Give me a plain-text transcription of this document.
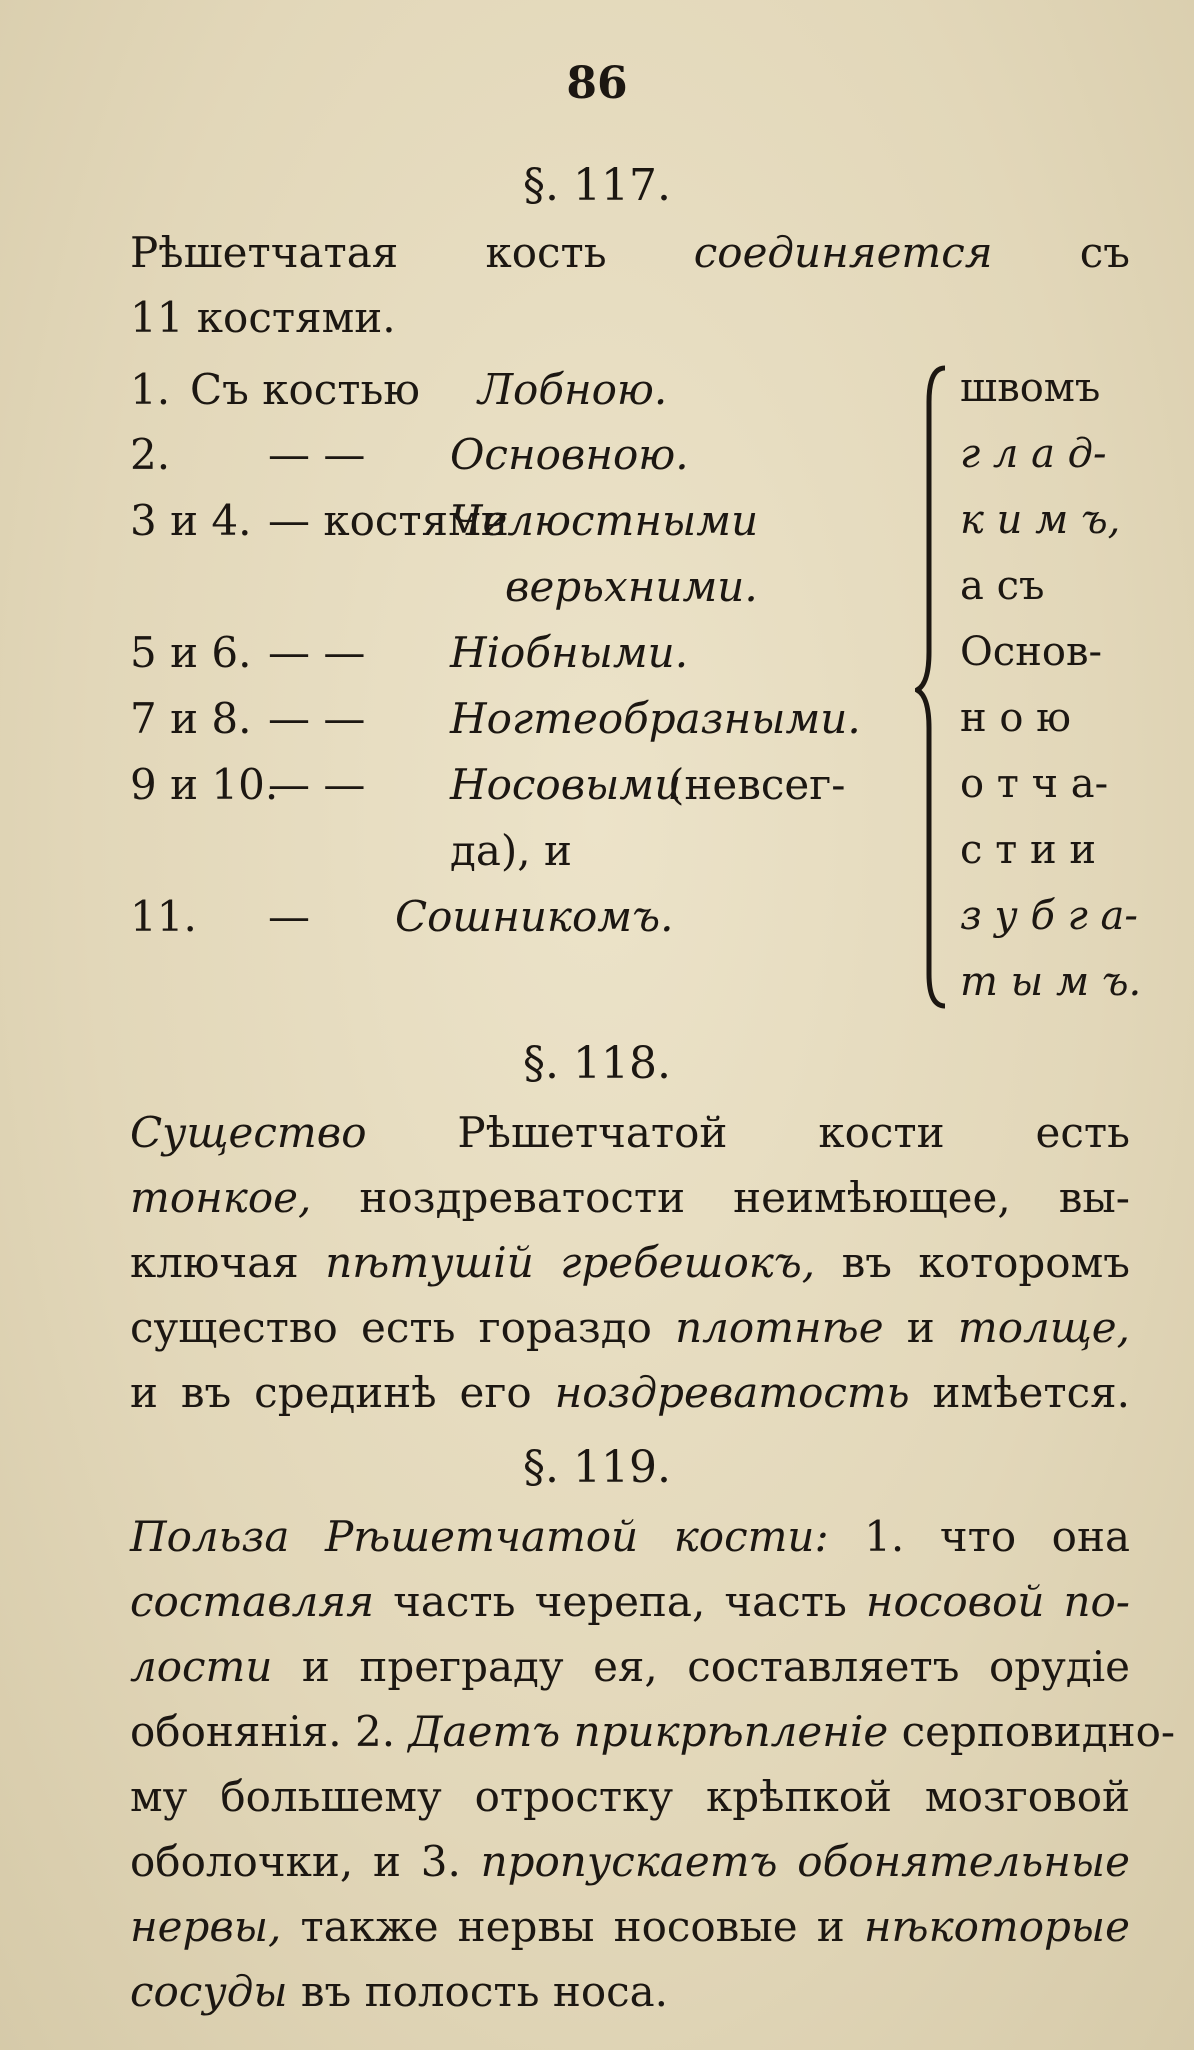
86
§. 117.
Рѣшетчатая кость соединяется съ
11 костями.
1. Съ костью Лобною.
2. — — Основною.
3 и 4. — костями
Челюстными
верьхними.
5 и 6. — — Нiобными.
7 и 8. — — Ногтеобразными.
9 и 10.
— — Носовыми
(невсег-
да), и
11. — Сошникомъ.
швомъ
г л а д-
к и м ъ,
а съ
Основ-
н о ю
о т ч а-
с т и и
з у б г а-
т ы м ъ.
§. 118.
Существо Рѣшетчатой кости есть
тонкое, ноздреватости неимѣющее, вы-
ключая пѣтушiй гребешокъ, въ которомъ
существо есть гораздо плотнѣе и толще,
и въ срединѣ его ноздреватость имѣется.
§. 119.
Польза Рѣшетчатой кости: 1. что она
составляя часть черепа, часть носовой по-
лости и преграду ея, составляетъ орудiе
обонянiя. 2. Даетъ прикрѣпленiе серповидно-
му большему отростку крѣпкой мозговой
оболочки, и 3. пропускаетъ обонятельные
нервы, также нервы носовые и нѣкоторые
сосуды въ полость носа.
